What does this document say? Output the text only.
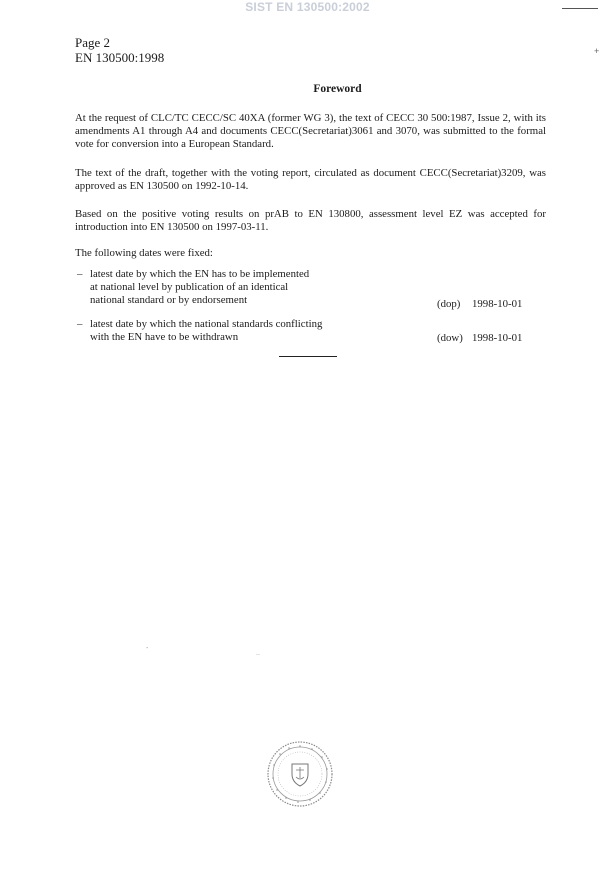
SIST EN 130500:2002
+
Page 2
EN 130500:1998
Foreword

At the request of CLC/TC CECC/SC 40XA (former WG 3), the text of CECC 30 500:1987, Issue 2, with its amendments A1 through A4 and documents CECC(Secretariat)3061 and 3070, was submitted to the formal vote for conversion into a European Standard.

The text of the draft, together with the voting report, circulated as document CECC(Secretariat)3209, was approved as EN 130500 on 1992-10-14.

Based on the positive voting results on prAB to EN 130800, assessment level EZ was accepted for introduction into EN 130500 on 1997-03-11.

The following dates were fixed:

– latest date by which the EN has to be implemented
at national level by publication of an identical
national standard or by endorsement	(dop) 1998-10-01
– latest date by which the national standards conflicting
with the EN have to be withdrawn	(dow) 1998-10-01
-
..
